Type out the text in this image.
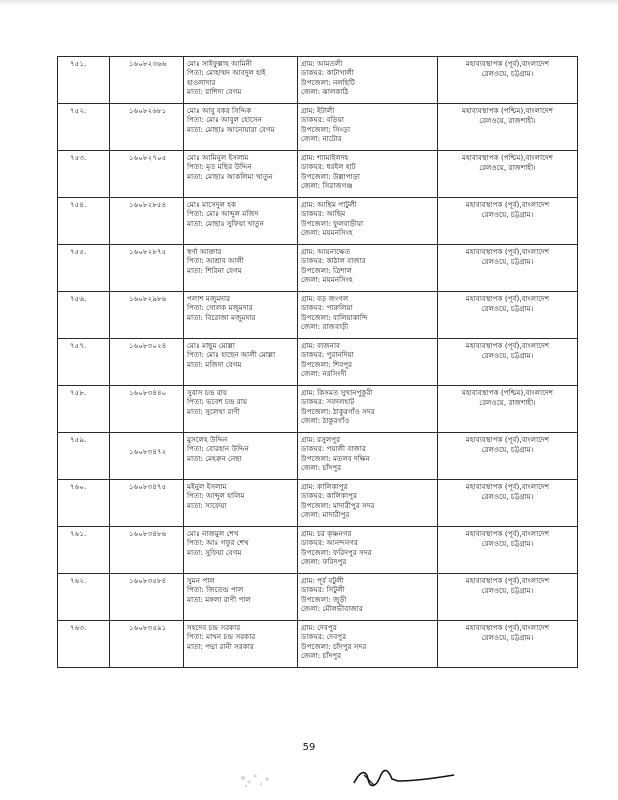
৭৫১.	১৬০৮২৩৬৬	মোঃ সাইফুল্লাহ আমিনী
পিতা: মোহাম্মদ আবদুল হাই
হাওলাদার
মাতা: রাশিদা বেগম	গ্রাম: আমতলী
ডাকঘর: কাটাখালী
উপজেলা: নলছিটি
জেলা: ঝালকাঠি	মহাব্যবস্থাপক (পূর্ব),বাংলাদেশ
রেলওয়ে, চট্টগ্রাম।

৭৫২.	১৬০৮২৬৮১	মোঃ আবু বকর সিদ্দিক
পিতা: মোঃ আবুল হোসেন
মাতা: মোছাঃ আনোয়ারা বেগম	গ্রাম: ইটালী
ডাকঘর: বড়িয়া
উপজেলা: সিংড়া
জেলা: নাটোর	মহাব্যবস্থাপক (পশ্চিম),বাংলাদেশ
রেলওয়ে, রাজশাহী।

৭৫৩.	১৬০৮২৭০৫	মোঃ আমিনুল ইসলাম
পিতা: মৃত মছির উদ্দিন
মাতা: মোছাঃ আকলিমা খাতুন	গ্রাম: শ্যামাইলদহ
ডাকঘর: ধরইল হাট
উপজেলা: উল্লাপাড়া
জেলা: সিরাজগঞ্জ	মহাব্যবস্থাপক (পশ্চিম),বাংলাদেশ
রেলওয়ে, রাজশাহী।

৭৫৪.	১৬০৮২৮৫৪	মোঃ মাসেদুল হক
পিতা: মোঃ আব্দুল মজিদ
মাতা: মোছাঃ সুফিয়া খাতুন	গ্রাম: আছিম পাটুলী
ডাকঘর: আছিম
উপজেলা: ফুলবাড়ীয়া
জেলা: ময়মনসিংহ	মহাব্যবস্থাপক (পূর্ব),বাংলাদেশ
রেলওয়ে, চট্টগ্রাম।

৭৫৫.	১৬০৮২৮৭৫	স্বর্ণা আক্তার
পিতা: আশ্রাব আলী
মাতা: শিরিনা বেগম	গ্রাম: আয়নাক্ষেত
ডাকঘর: কাঠাল বাজার
উপজেলা: ত্রিশাল
জেলা: ময়মনসিংহ	মহাব্যবস্থাপক (পূর্ব),বাংলাদেশ
রেলওয়ে, চট্টগ্রাম।

৭৫৬.	১৬০৮২৯৮৬	পলাশ মজুমদার
পিতা: গোলক মজুমদার
মাতা: বিরোজা মজুমদার	গ্রাম: বড় জংগল
ডাকঘর: পারুলিয়া
উপজেলা: বালিয়াকান্দি
জেলা: রাজবাড়ী	মহাব্যবস্থাপক (পূর্ব),বাংলাদেশ
রেলওয়ে, চট্টগ্রাম।

৭৫৭.	১৬০৮৩০২৪	মোঃ মাছুম মোল্লা
পিতা: মোঃ হাছেন আলী মোল্লা
মাতা: মজিদা বেগম	গ্রাম: বাজনাব
ডাকঘর: পুরানদিয়া
উপজেলা: শিবপুর
জেলা: নরসিংদী	মহাব্যবস্থাপক (পূর্ব),বাংলাদেশ
রেলওয়ে, চট্টগ্রাম।

৭৫৮.	১৬০৮৩৪৪০	সুবাস চন্দ্র রায়
পিতা: ভবেশ চন্দ্র রায়
মাতা: সুলেখা রাণী	গ্রাম: কিসমত সুখানপুকুরী
ডাকঘর: সবদলহাট
উপজেলা: ঠাকুরগাঁও সদর
জেলা: ঠাকুরগাঁও	মহাব্যবস্থাপক (পশ্চিম),বাংলাদেশ
রেলওয়ে, রাজশাহী।

৭৫৯.	১৬০৮৩৪৭২	মুসলেহ উদ্দিন
পিতা: বোরহান উদ্দিন
মাতা: মেহরুন নেছা	গ্রাম: রসুলপুর
ডাকঘর: পয়ালী বাজার
উপজেলা: মতলব দক্ষিন
জেলা: চাঁদপুর	মহাব্যবস্থাপক (পূর্ব),বাংলাদেশ
রেলওয়ে, চট্টগ্রাম।

৭৬০.	১৬০৮৩৪৭৫	মইনুল ইসলাম
পিতা: আব্দুল হালিম
মাতা: সাফেয়া	গ্রাম: কালিকাপুর
ডাকঘর: কালিকাপুর
উপজেলা: মাদারীপুর সদর
জেলা: মাদারীপুর	মহাব্যবস্থাপক (পূর্ব),বাংলাদেশ
রেলওয়ে, চট্টগ্রাম।

৭৬১.	১৬০৮৩৪৮৬	মোঃ নাজমুল শেখ
পিতা: আঃ গফুর শেখ
মাতা: সুফিয়া বেগম	গ্রাম: চর কৃষ্ণনগর
ডাকঘর: আনন্দনগর
উপজেলা: ফরিদপুর সদর
জেলা: ফরিদপুর	মহাব্যবস্থাপক (পূর্ব),বাংলাদেশ
রেলওয়ে, চট্টগ্রাম।

৭৬২.	১৬০৮৩৫৮৪	সুমন পাল
পিতা: জিতেন্দ্র পাল
মাতা: মঙ্গলা রাণী পাল	গ্রাম: পূর্ব বটুলী
ডাকঘর: সিটুলী
উপজেলা: জুড়ী
জেলা: মৌলভীবাজার	মহাব্যবস্থাপক (পূর্ব),বাংলাদেশ
রেলওয়ে, চট্টগ্রাম।

৭৬৩.	১৬০৮৩৫৯১	সহদেব চন্দ্র সরকার
পিতা: মাখন চন্দ্র সরকার
মাতা: পদ্মা রানী সরকার	গ্রাম: দেবপুর
ডাকঘর: দেবপুর
উপজেলা: চাঁদপুর সদর
জেলা: চাঁদপুর	মহাব্যবস্থাপক (পূর্ব),বাংলাদেশ
রেলওয়ে, চট্টগ্রাম।
59
